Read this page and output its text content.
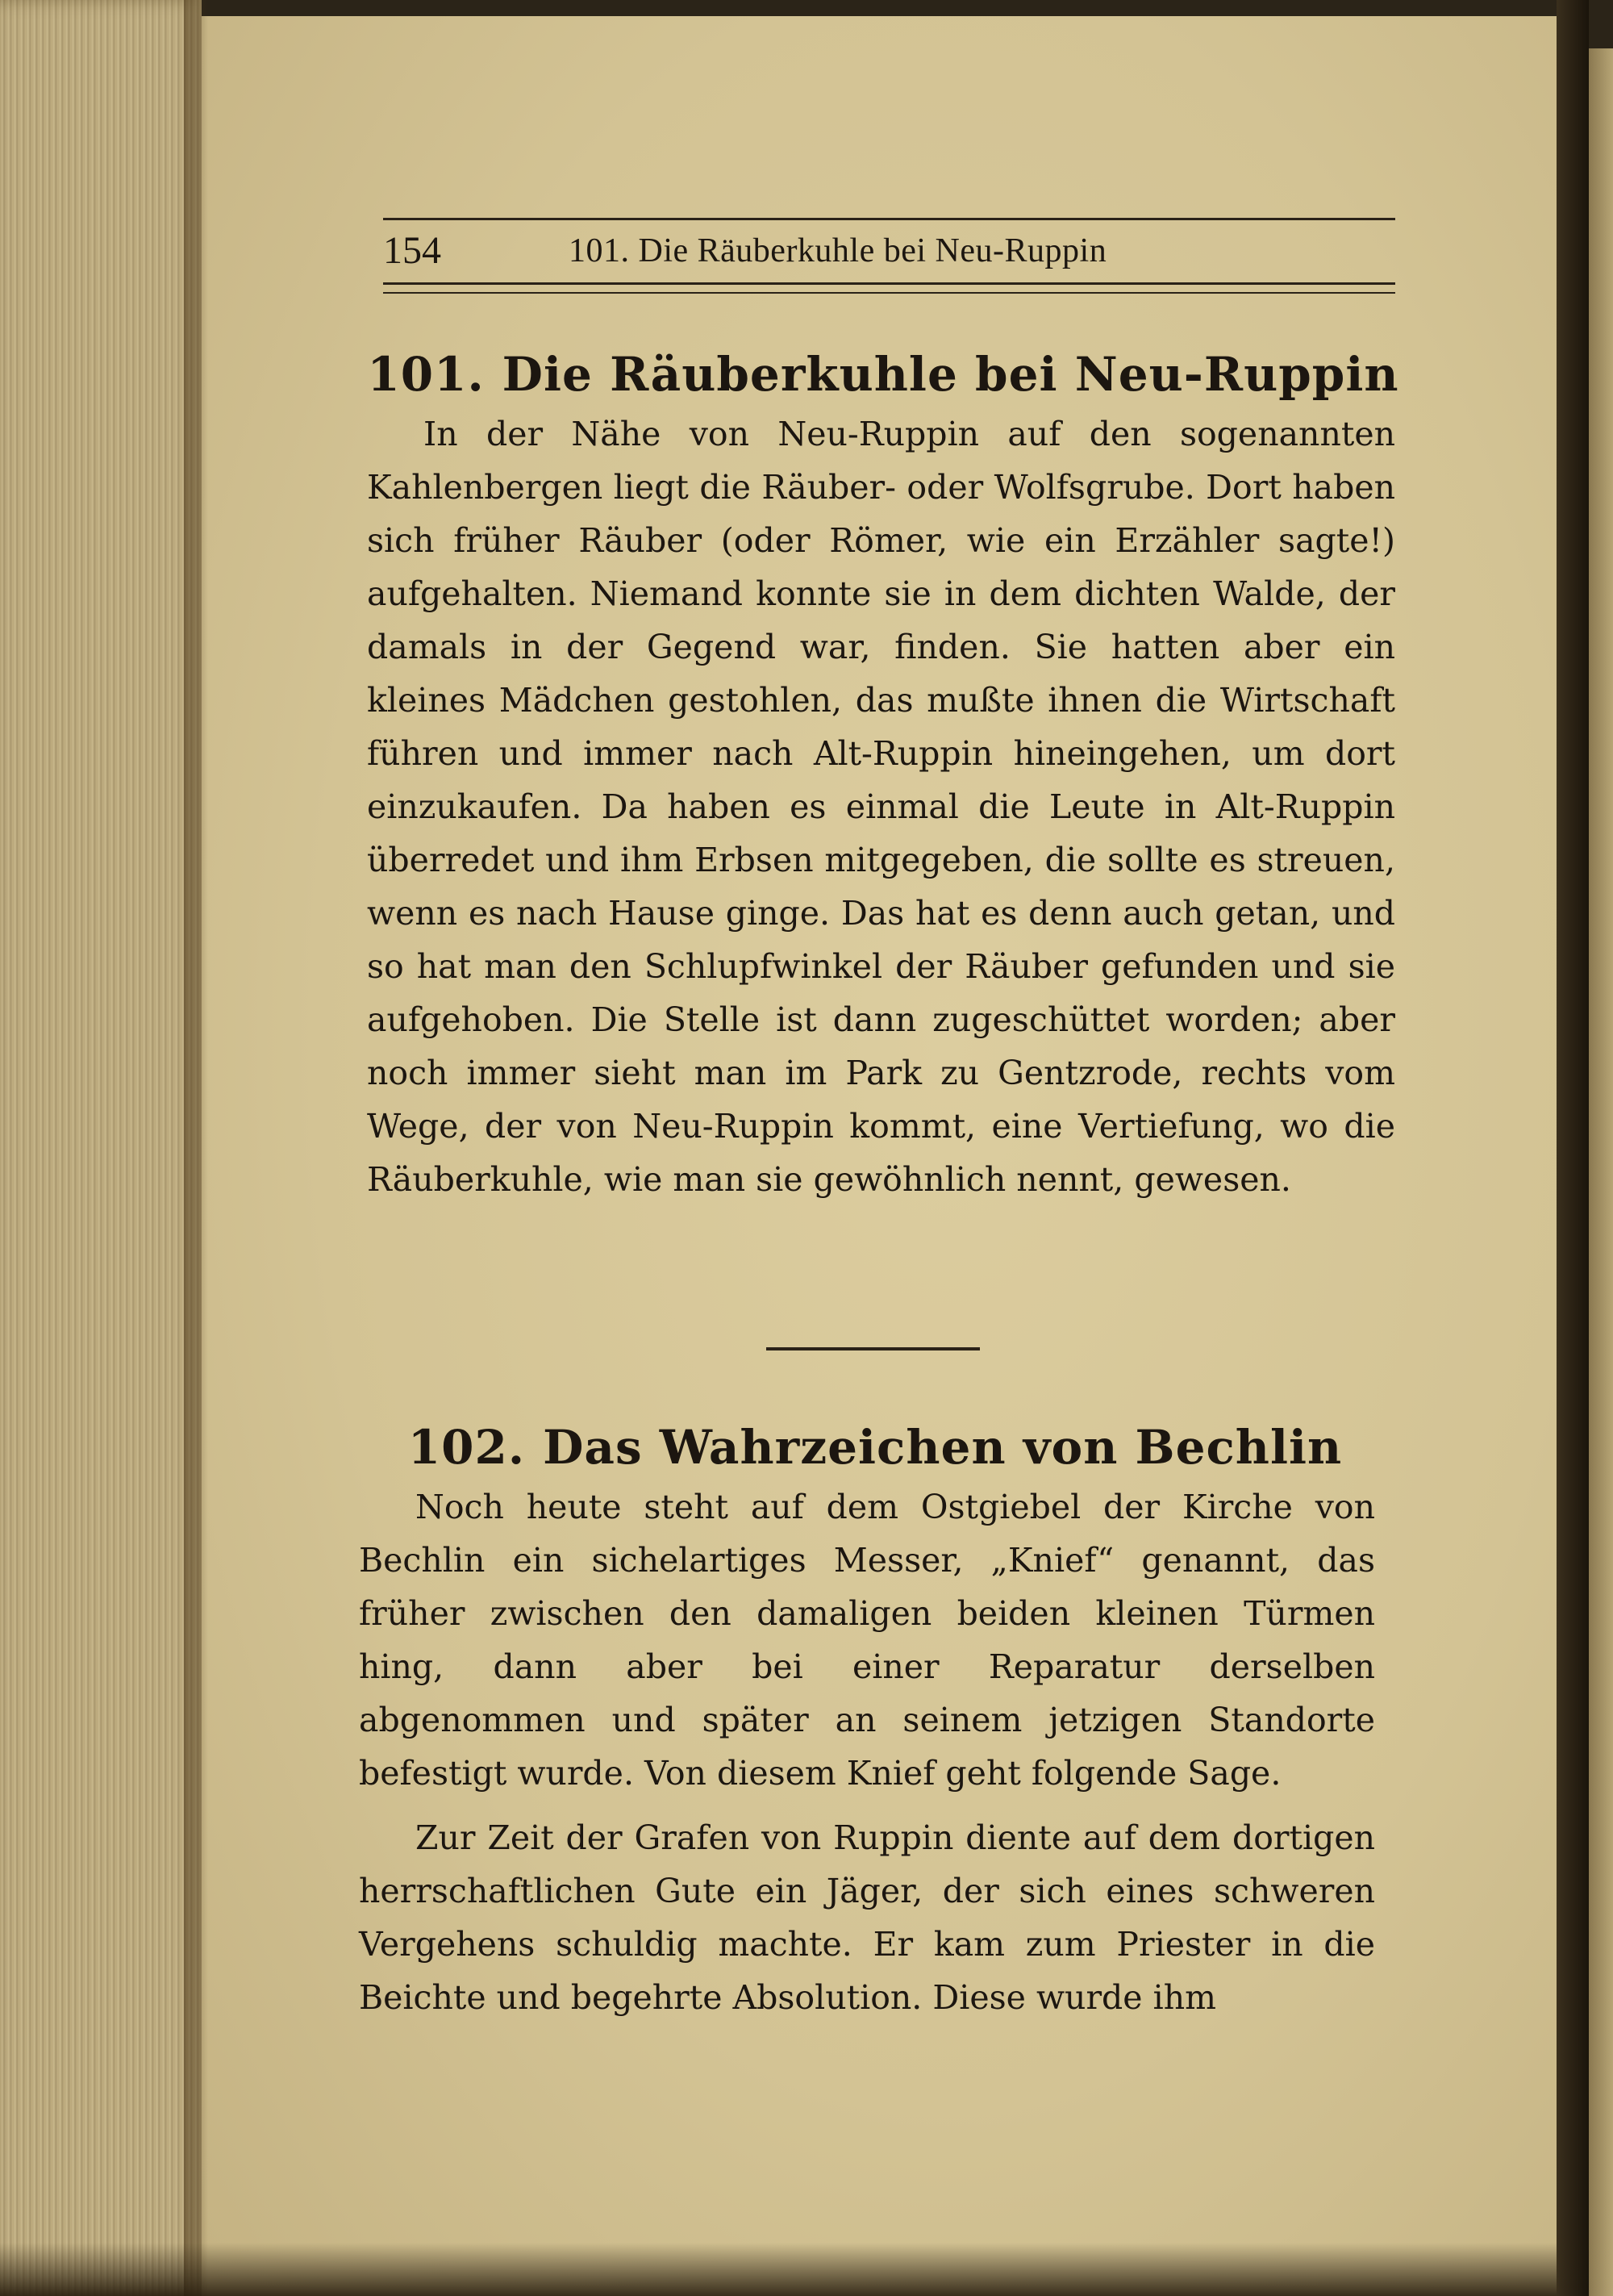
154	101. Die Räuberkuhle bei Neu-Ruppin
101. Die Räuberkuhle bei Neu-Ruppin

In der Nähe von Neu-Ruppin auf den sogenannten Kahlenbergen liegt die Räuber- oder Wolfsgrube. Dort haben sich früher Räuber (oder Römer, wie ein Erzähler sagte!) aufgehalten. Niemand konnte sie in dem dichten Walde, der damals in der Gegend war, finden. Sie hatten aber ein kleines Mädchen gestohlen, das mußte ihnen die Wirtschaft führen und immer nach Alt-Ruppin hineingehen, um dort einzukaufen. Da haben es einmal die Leute in Alt-Ruppin überredet und ihm Erbsen mitgegeben, die sollte es streuen, wenn es nach Hause ginge. Das hat es denn auch getan, und so hat man den Schlupfwinkel der Räuber gefunden und sie aufgehoben. Die Stelle ist dann zugeschüttet worden; aber noch immer sieht man im Park zu Gentzrode, rechts vom Wege, der von Neu-Ruppin kommt, eine Vertiefung, wo die Räuberkuhle, wie man sie gewöhnlich nennt, gewesen.

102. Das Wahrzeichen von Bechlin

Noch heute steht auf dem Ostgiebel der Kirche von Bechlin ein sichelartiges Messer, „Knief“ genannt, das früher zwischen den damaligen beiden kleinen Türmen hing, dann aber bei einer Reparatur derselben abgenommen und später an seinem jetzigen Standorte befestigt wurde. Von diesem Knief geht folgende Sage.

Zur Zeit der Grafen von Ruppin diente auf dem dortigen herrschaftlichen Gute ein Jäger, der sich eines schweren Vergehens schuldig machte. Er kam zum Priester in die Beichte und begehrte Absolution. Diese wurde ihm
